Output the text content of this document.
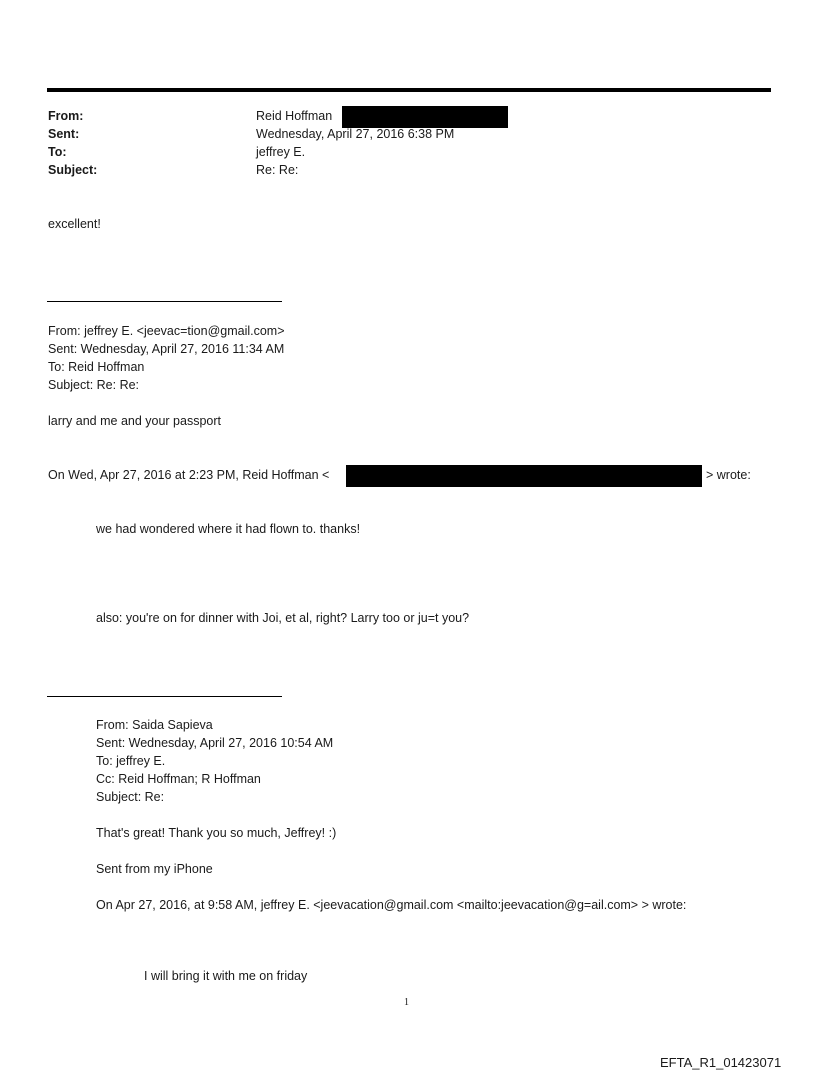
From:
Sent:
To:
Subject:
Reid Hoffman
Wednesday, April 27, 2016 6:38 PM
jeffrey E.
Re: Re:
excellent!
From: jeffrey E. <jeevac=tion@gmail.com>
Sent: Wednesday, April 27, 2016 11:34 AM
To: Reid Hoffman
Subject: Re: Re:
larry and me and your passport
On Wed, Apr 27, 2016 at 2:23 PM, Reid Hoffman <	> wrote:
we had wondered where it had flown to. thanks!
also: you're on for dinner with Joi, et al, right? Larry too or ju=t you?
From: Saida Sapieva
Sent: Wednesday, April 27, 2016 10:54 AM
To: jeffrey E.
Cc: Reid Hoffman; R Hoffman
Subject: Re:
That's great! Thank you so much, Jeffrey! :)
Sent from my iPhone
On Apr 27, 2016, at 9:58 AM, jeffrey E. <jeevacation@gmail.com <mailto:jeevacation@g=ail.com> > wrote:
I will bring it with me on friday
1
EFTA_R1_01423071
